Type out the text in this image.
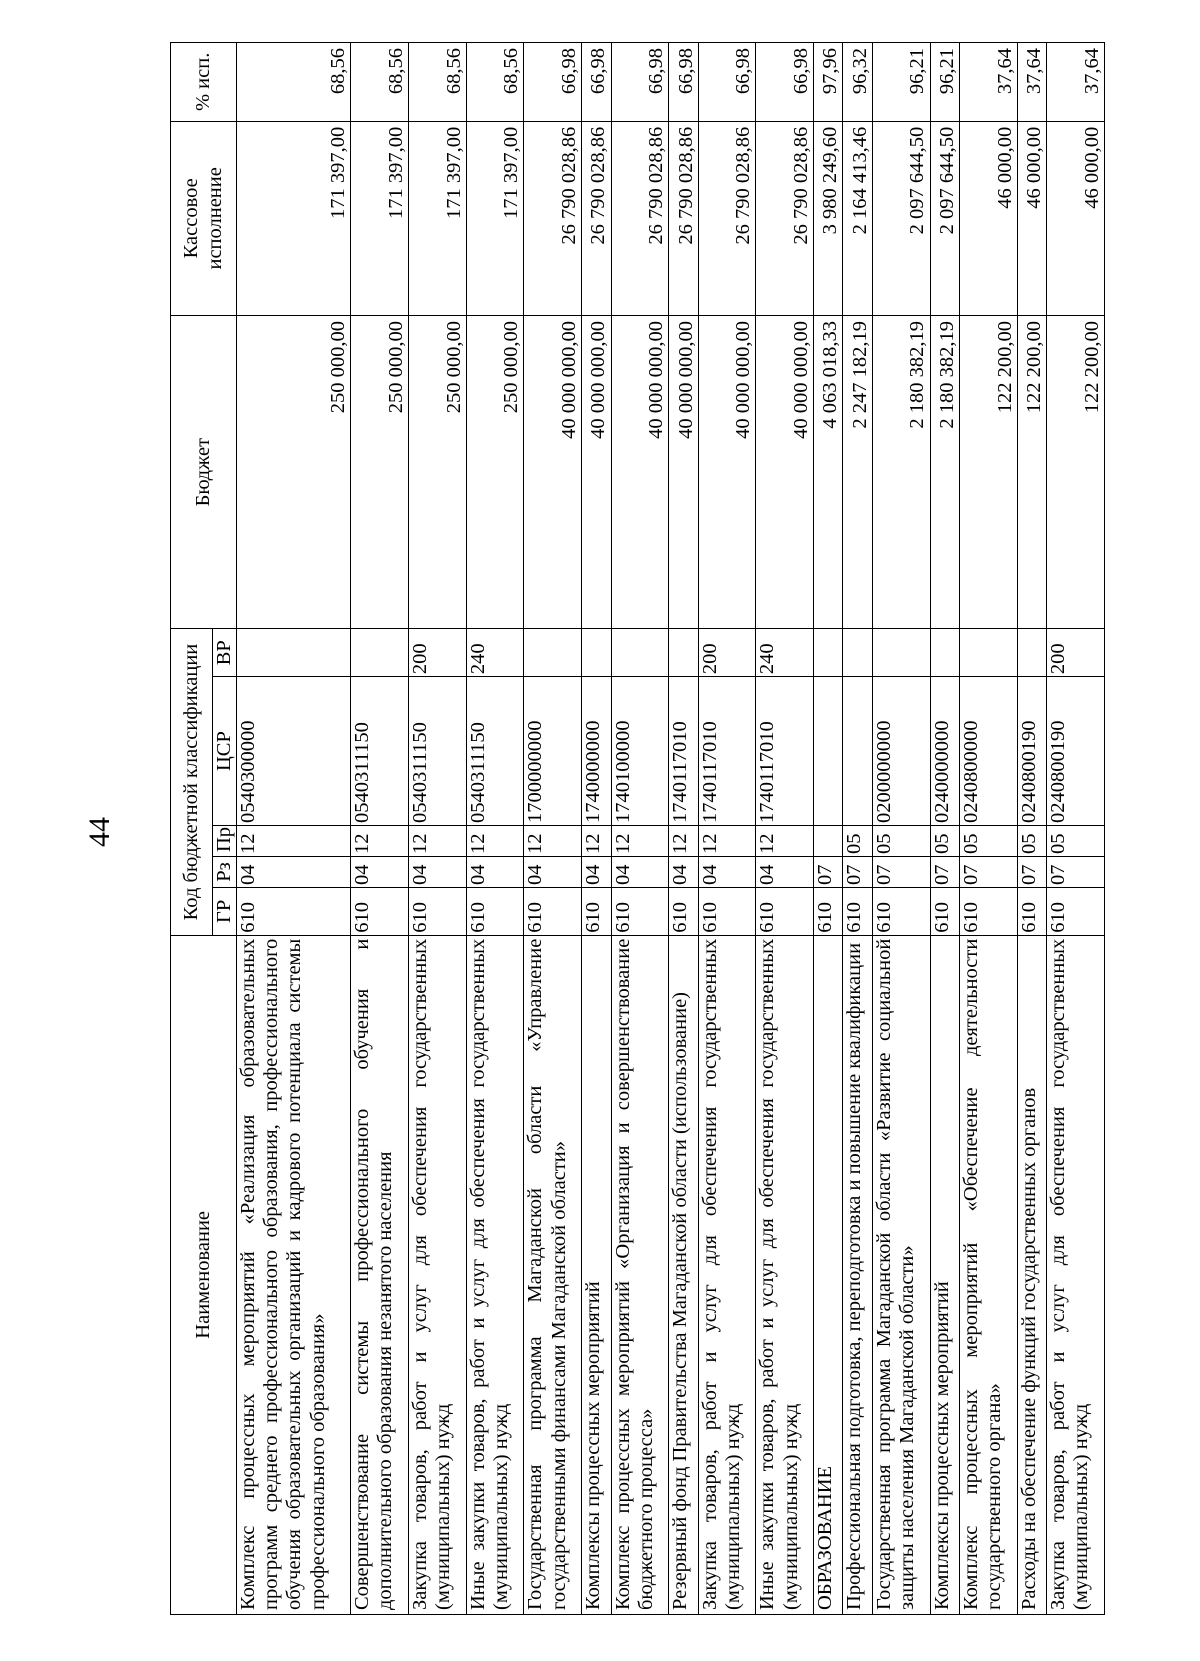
44
Наименование	Код бюджетной классификации					Бюджет	Кассовое исполнение	% исп.
	ГР	Рз	Пр	ЦСР	ВР			
Комплекс процессных мероприятий «Реализация образовательных программ среднего профессионального образования, профессионального обучения образовательных организаций и кадрового потенциала системы профессионального образования»	610	04	12	0540300000		250 000,00	171 397,00	68,56
Совершенствование системы профессионального обучения и дополнительного образования незанятого населения	610	04	12	0540311150		250 000,00	171 397,00	68,56
Закупка товаров, работ и услуг для обеспечения государственных (муниципальных) нужд	610	04	12	0540311150	200	250 000,00	171 397,00	68,56
Иные закупки товаров, работ и услуг для обеспечения государственных (муниципальных) нужд	610	04	12	0540311150	240	250 000,00	171 397,00	68,56
Государственная программа Магаданской области «Управление государственными финансами Магаданской области»	610	04	12	1700000000		40 000 000,00	26 790 028,86	66,98
Комплексы процессных мероприятий	610	04	12	1740000000		40 000 000,00	26 790 028,86	66,98
Комплекс процессных мероприятий «Организация и совершенствование бюджетного процесса»	610	04	12	1740100000		40 000 000,00	26 790 028,86	66,98
Резервный фонд Правительства Магаданской области (использование)	610	04	12	1740117010		40 000 000,00	26 790 028,86	66,98
Закупка товаров, работ и услуг для обеспечения государственных (муниципальных) нужд	610	04	12	1740117010	200	40 000 000,00	26 790 028,86	66,98
Иные закупки товаров, работ и услуг для обеспечения государственных (муниципальных) нужд	610	04	12	1740117010	240	40 000 000,00	26 790 028,86	66,98
ОБРАЗОВАНИЕ	610	07				4 063 018,33	3 980 249,60	97,96
Профессиональная подготовка, переподготовка и повышение квалификации	610	07	05			2 247 182,19	2 164 413,46	96,32
Государственная программа Магаданской области «Развитие социальной защиты населения Магаданской области»	610	07	05	0200000000		2 180 382,19	2 097 644,50	96,21
Комплексы процессных мероприятий	610	07	05	0240000000		2 180 382,19	2 097 644,50	96,21
Комплекс процессных мероприятий «Обеспечение деятельности государственного органа»	610	07	05	0240800000		122 200,00	46 000,00	37,64
Расходы на обеспечение функций государственных органов	610	07	05	0240800190		122 200,00	46 000,00	37,64
Закупка товаров, работ и услуг для обеспечения государственных (муниципальных) нужд	610	07	05	0240800190	200	122 200,00	46 000,00	37,64
